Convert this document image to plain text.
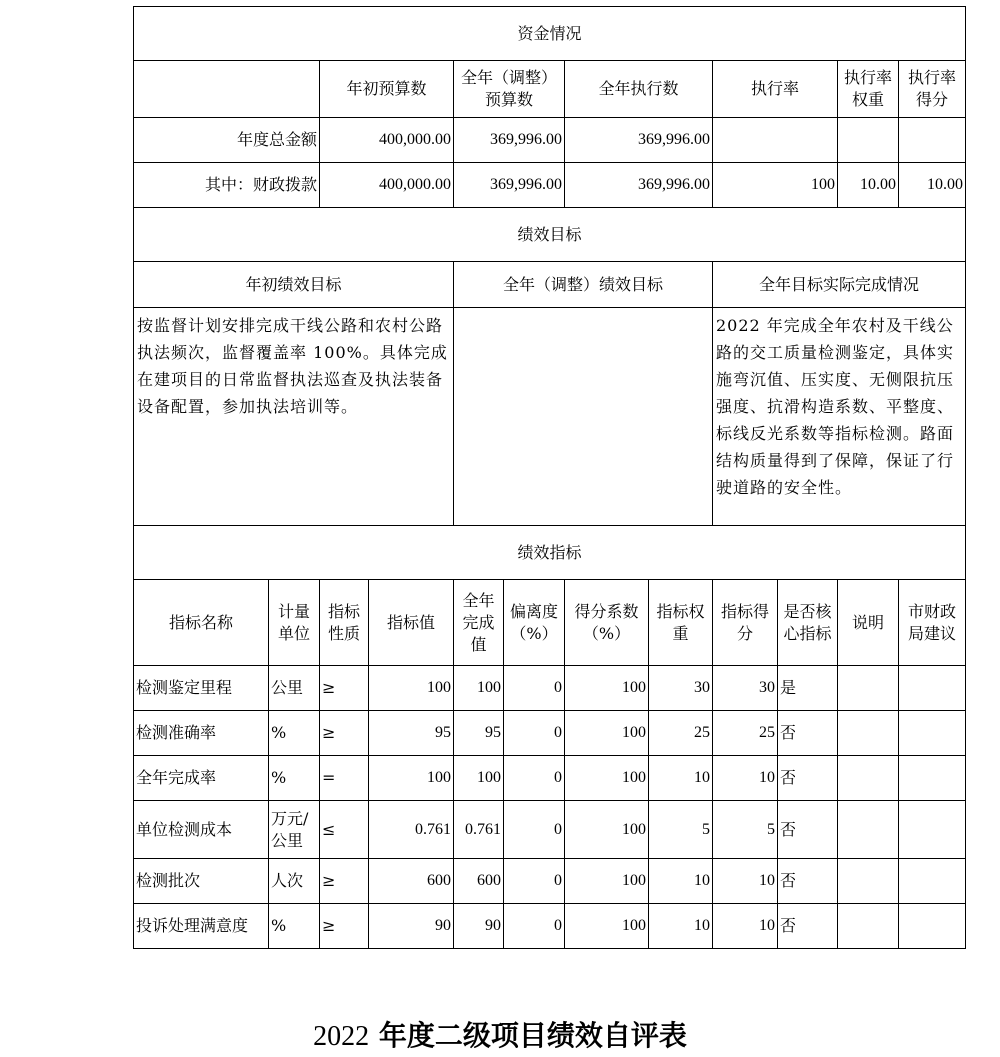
资金情况											
		年初预算数		全年（调整）预算数		全年执行数		执行率		执行率权重	执行率得分
年度总金额		400,000.00		369,996.00		369,996.00					
其中：财政拨款		400,000.00		369,996.00		369,996.00		100		10.00	10.00
绩效目标											
年初绩效目标				全年（调整）绩效目标				全年目标实际完成情况			
按监督计划安排完成干线公路和农村公路执法频次，监督覆盖率 100%。具体完成在建项目的日常监督执法巡查及执法装备设备配置，参加执法培训等。								2022 年完成全年农村及干线公路的交工质量检测鉴定，具体实施弯沉值、压实度、无侧限抗压强度、抗滑构造系数、平整度、标线反光系数等指标检测。路面结构质量得到了保障，保证了行驶道路的安全性。			
绩效指标											
指标名称	计量单位	指标性质	指标值	全年完成值	偏离度（%）	得分系数（%）	指标权重	指标得分	是否核心指标	说明	市财政局建议
检测鉴定里程	公里	≥	100	100	0	100	30	30	是		
检测准确率	%	≥	95	95	0	100	25	25	否		
全年完成率	%	=	100	100	0	100	10	10	否		
单位检测成本	万元/公里	≤	0.761	0.761	0	100	5	5	否		
检测批次	人次	≥	600	600	0	100	10	10	否		
投诉处理满意度	%	≥	90	90	0	100	10	10	否		
2022 年度二级项目绩效自评表
